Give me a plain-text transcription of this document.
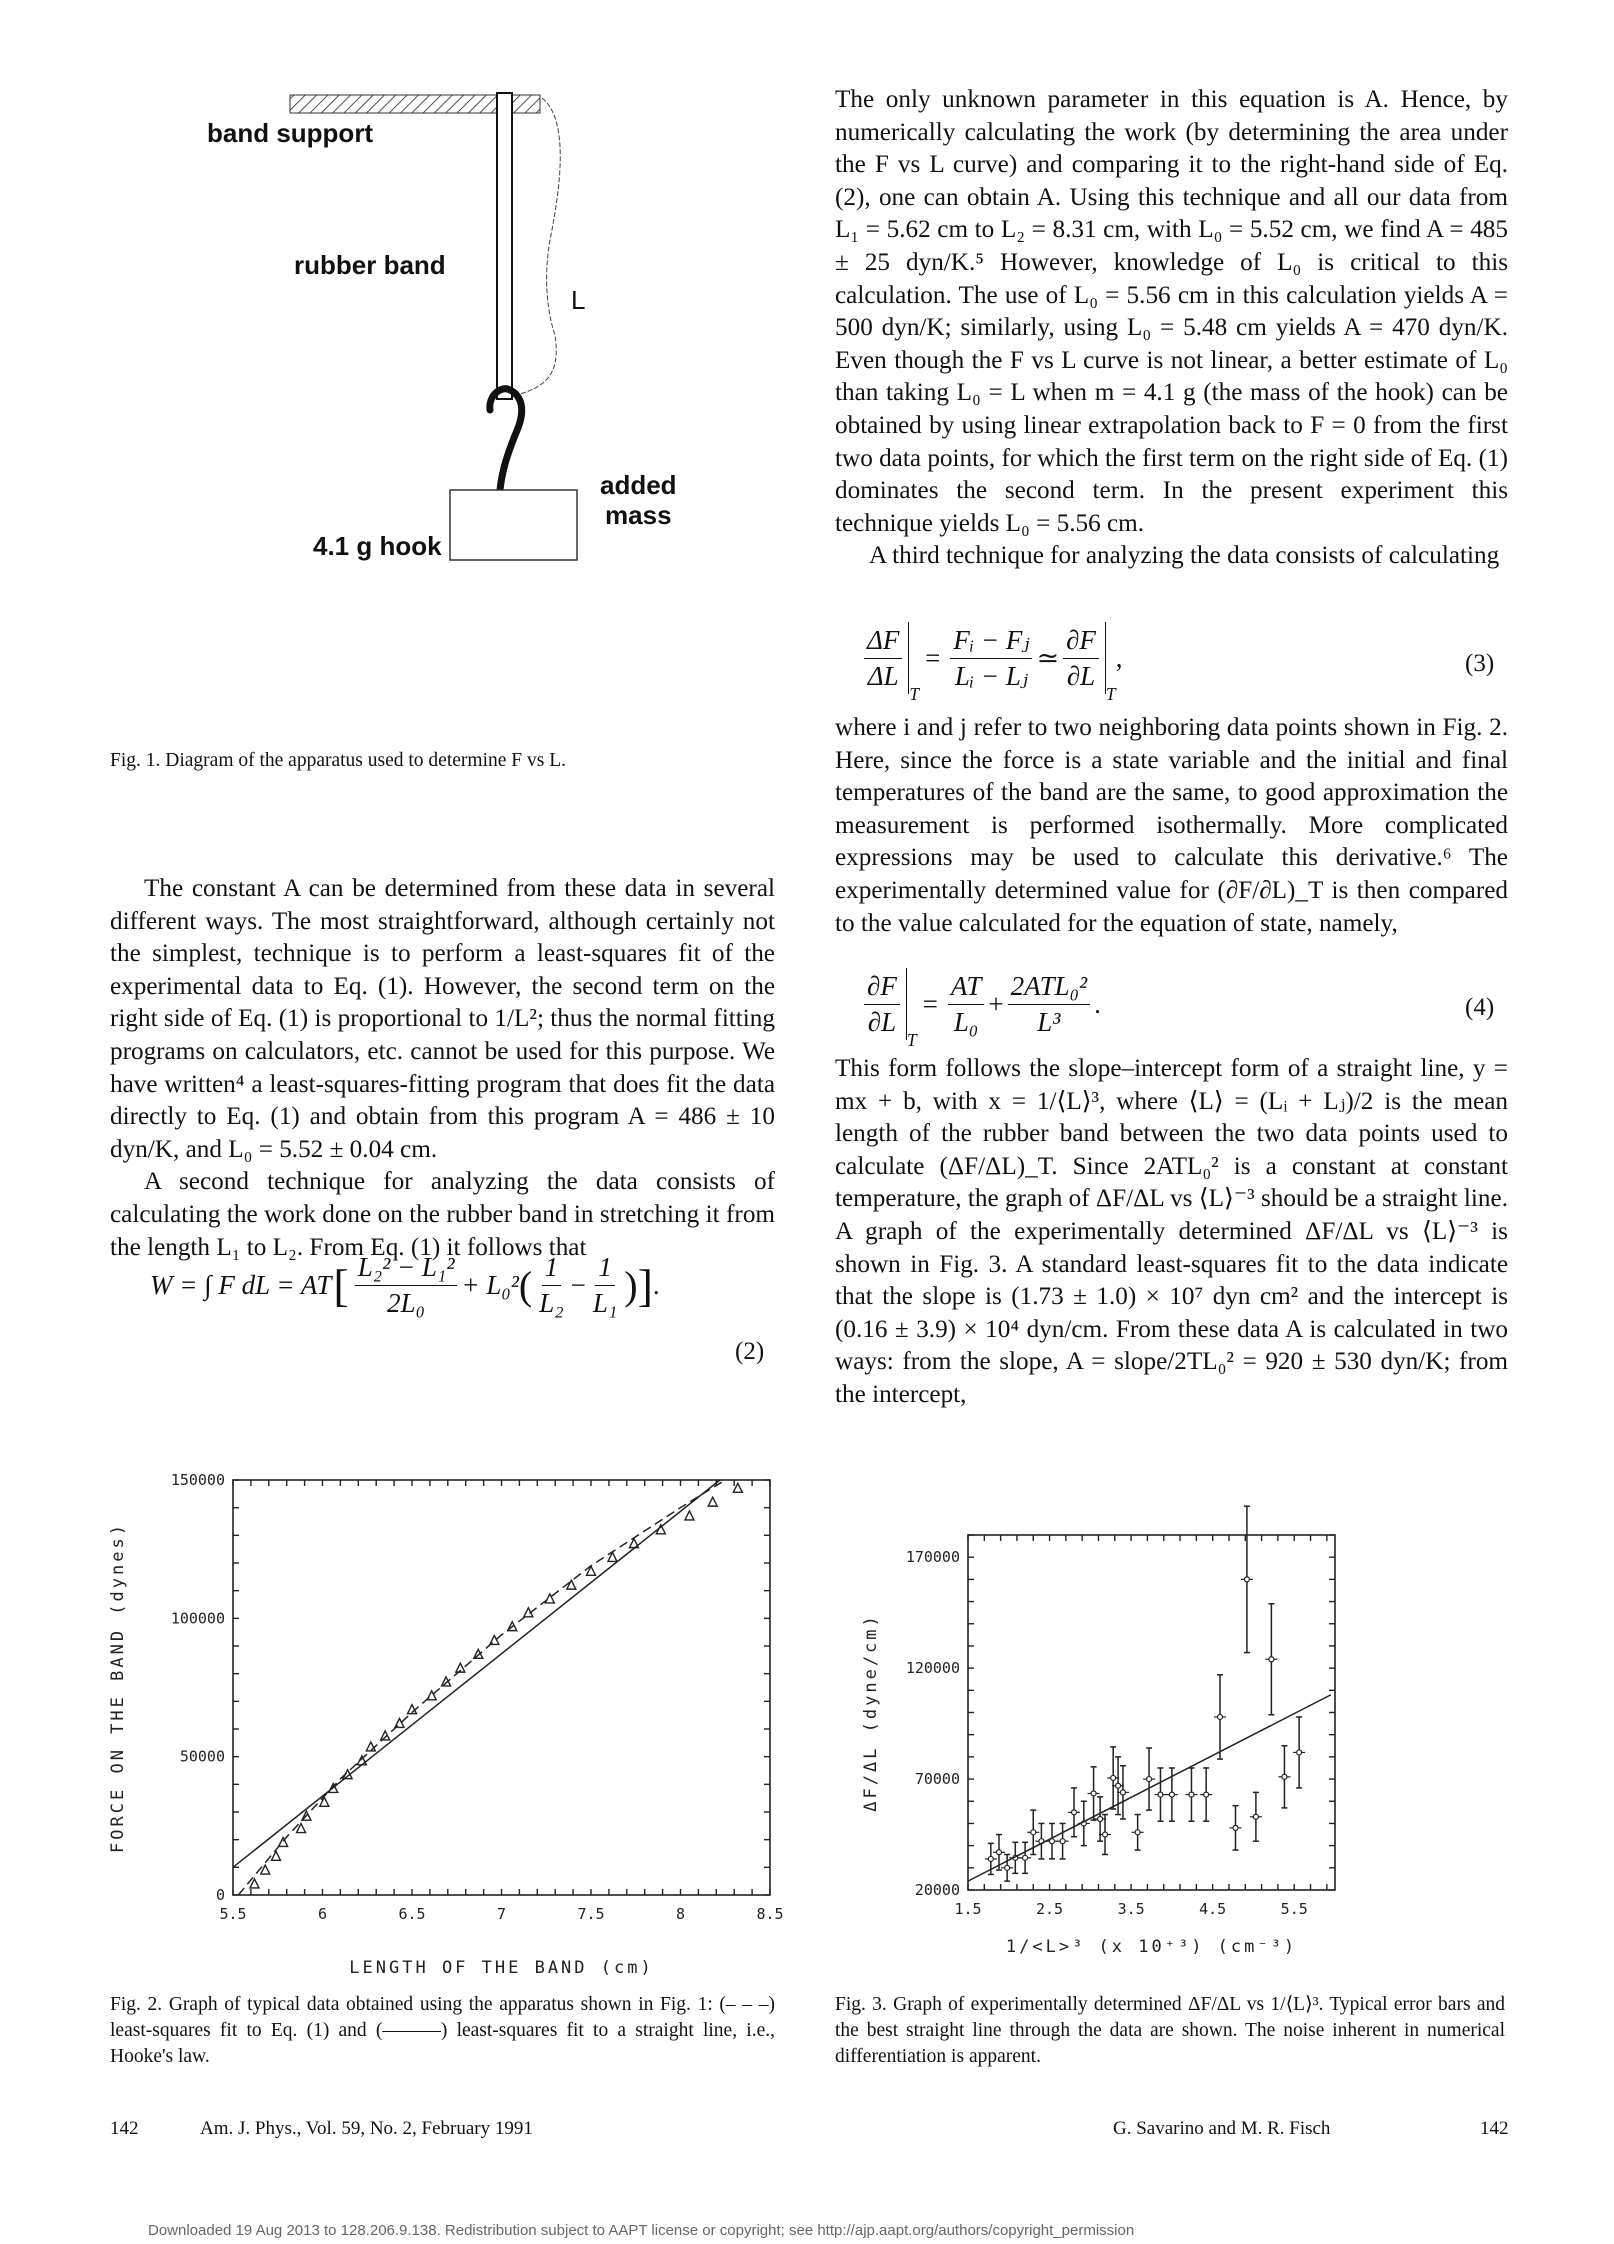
band support
rubber band
L
4.1 g hook
added
mass
Fig. 1. Diagram of the apparatus used to determine F vs L.

The constant A can be determined from these data in several different ways. The most straightforward, although certainly not the simplest, technique is to perform a least-squares fit of the experimental data to Eq. (1). However, the second term on the right side of Eq. (1) is proportional to 1/L²; thus the normal fitting programs on calculators, etc. cannot be used for this purpose. We have written⁴ a least-squares-fitting program that does fit the data directly to Eq. (1) and obtain from this program A = 486 ± 10 dyn/K, and L₀ = 5.52 ± 0.04 cm.

A second technique for analyzing the data consists of calculating the work done on the rubber band in stretching it from the length L₁ to L₂. From Eq. (1) it follows that

W = ∫ F dL = AT [ $\frac{\text{L₂² − L₁²}}{\text{2L₀}} + L_0^2$ ( $\frac{1}{\text{L₂}} - \frac{1}{\text{L₁}}$ ) ] .
(2)

The only unknown parameter in this equation is A. Hence, by numerically calculating the work (by determining the area under the F vs L curve) and comparing it to the right-hand side of Eq. (2), one can obtain A. Using this technique and all our data from L₁ = 5.62 cm to L₂ = 8.31 cm, with L₀ = 5.52 cm, we find A = 485 ± 25 dyn/K.⁵ However, knowledge of L₀ is critical to this calculation. The use of L₀ = 5.56 cm in this calculation yields A = 500 dyn/K; similarly, using L₀ = 5.48 cm yields A = 470 dyn/K. Even though the F vs L curve is not linear, a better estimate of L₀ than taking L₀ = L when m = 4.1 g (the mass of the hook) can be obtained by using linear extrapolation back to F = 0 from the first two data points, for which the first term on the right side of Eq. (1) dominates the second term. In the present experiment this technique yields L₀ = 5.56 cm.

A third technique for analyzing the data consists of calculating

$\frac{\Delta F}{\Delta L}$
T
= $\frac{\text{Fᵢ − Fⱼ}}{\text{Lᵢ − Lⱼ}}$ ≃ $\frac{\partial F}{\partial L}$
T
,	(3)

where i and j refer to two neighboring data points shown in Fig. 2. Here, since the force is a state variable and the initial and final temperatures of the band are the same, to good approximation the measurement is performed isothermally. More complicated expressions may be used to calculate this derivative.⁶ The experimentally determined value for (∂F/∂L)_T is then compared to the value calculated for the equation of state, namely,

$\frac{\partial F}{\partial L}$
T
= $\frac{AT}{\text{L₀}} + \frac{\text{2ATL₀²}}{\text{L³}}$ .	(4)

This form follows the slope–intercept form of a straight line, y = mx + b, with x = 1/⟨L⟩³, where ⟨L⟩ = (Lᵢ + Lⱼ)/2 is the mean length of the rubber band between the two data points used to calculate (ΔF/ΔL)_T. Since 2ATL₀² is a constant at constant temperature, the graph of ΔF/ΔL vs ⟨L⟩⁻³ should be a straight line. A graph of the experimentally determined ΔF/ΔL vs ⟨L⟩⁻³ is shown in Fig. 3. A standard least-squares fit to the data indicate that the slope is (1.73 ± 1.0) × 10⁷ dyn cm² and the intercept is (0.16 ± 3.9) × 10⁴ dyn/cm. From these data A is calculated in two ways: from the slope, A = slope/2TL₀² = 920 ± 530 dyn/K; from the intercept,

5.5	6	6.5	7	7.5	8	8.5
0
50000
100000
150000
LENGTH OF THE BAND (cm)
FORCE ON THE BAND (dynes)
Fig. 2. Graph of typical data obtained using the apparatus shown in Fig. 1: (– – –) least-squares fit to Eq. (1) and (———) least-squares fit to a straight line, i.e., Hooke's law.
1.5	2.5	3.5	4.5	5.5
20000
70000
120000
170000
1/<L>³ (x 10⁺³) (cm⁻³)
ΔF/ΔL (dyne/cm)
Fig. 3. Graph of experimentally determined ΔF/ΔL vs 1/⟨L⟩³. Typical error bars and the best straight line through the data are shown. The noise inherent in numerical differentiation is apparent.
142	Am. J. Phys., Vol. 59, No. 2, February 1991	G. Savarino and M. R. Fisch	142
Downloaded 19 Aug 2013 to 128.206.9.138. Redistribution subject to AAPT license or copyright; see http://ajp.aapt.org/authors/copyright_permission
